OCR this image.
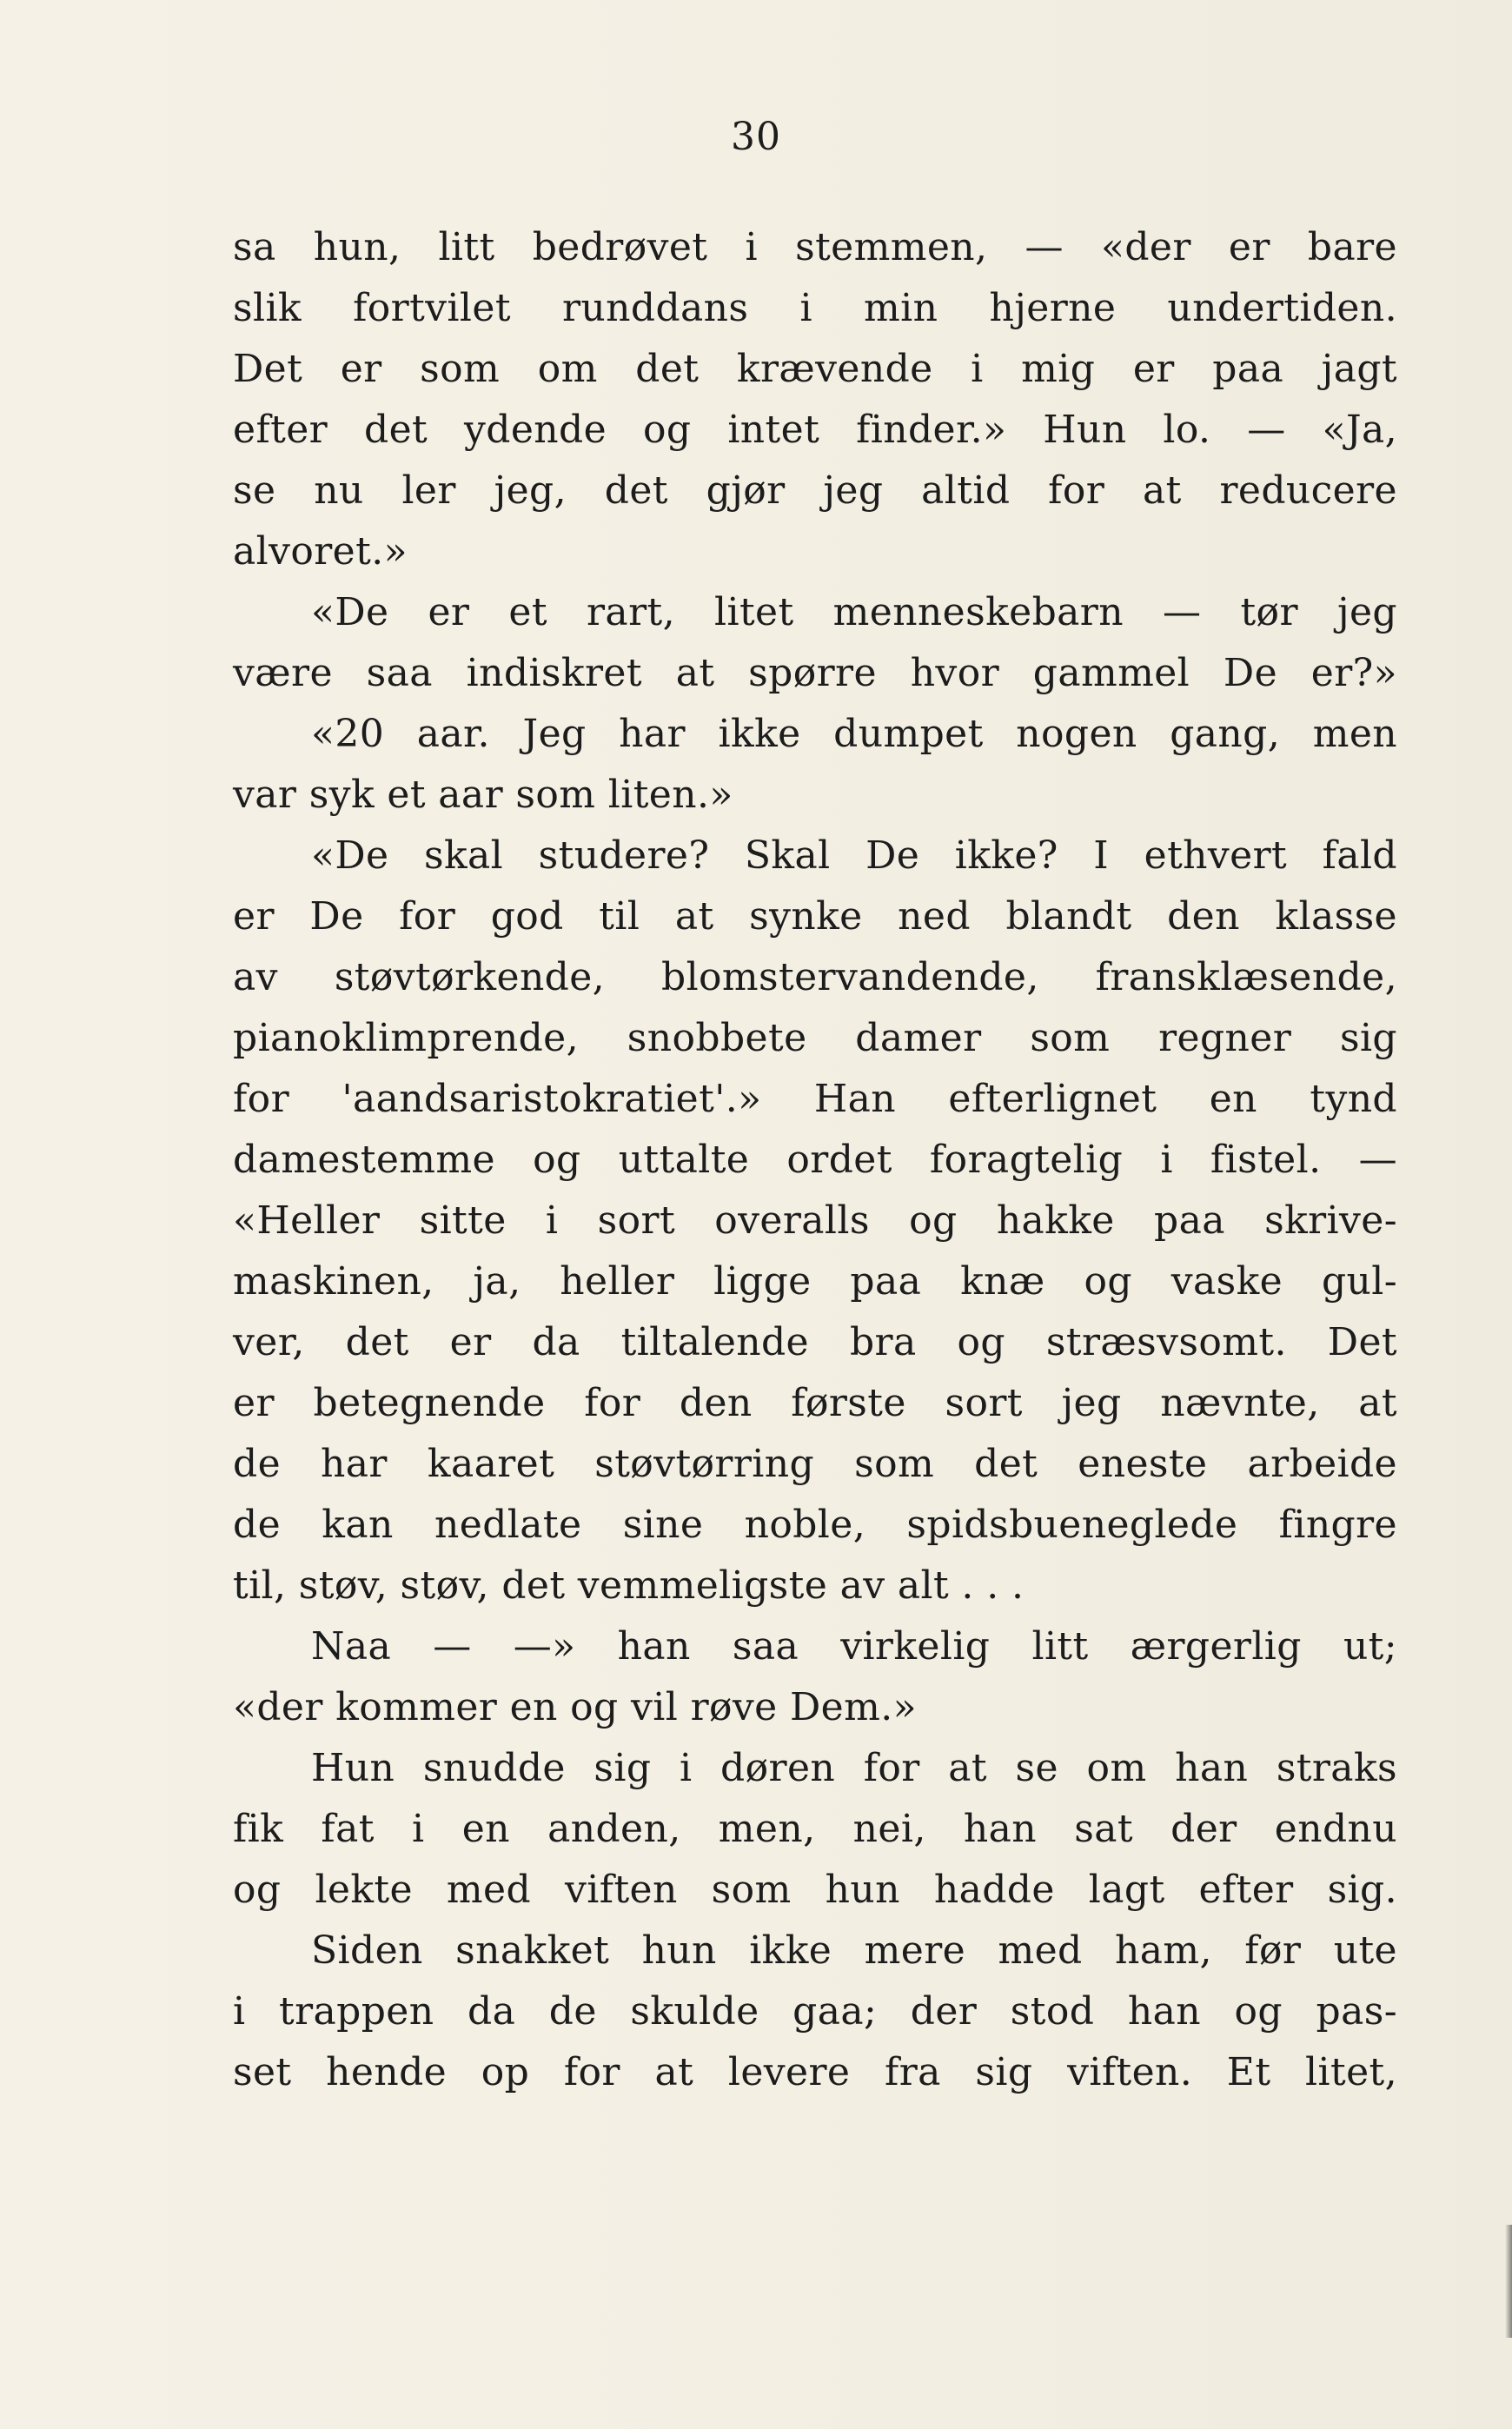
30
sa hun, litt bedrøvet i stemmen, — «der er bare
slik fortvilet runddans i min hjerne undertiden.
Det er som om det krævende i mig er paa jagt
efter det ydende og intet finder.» Hun lo. — «Ja,
se nu ler jeg, det gjør jeg altid for at reducere
alvoret.»
«De er et rart, litet menneskebarn — tør jeg
være saa indiskret at spørre hvor gammel De er?»
«20 aar. Jeg har ikke dumpet nogen gang, men
var syk et aar som liten.»
«De skal studere? Skal De ikke? I ethvert fald
er De for god til at synke ned blandt den klasse
av støvtørkende, blomstervandende, fransklæsende,
pianoklimprende, snobbete damer som regner sig
for 'aandsaristokratiet'.» Han efterlignet en tynd
damestemme og uttalte ordet foragtelig i fistel. —
«Heller sitte i sort overalls og hakke paa skrive-
maskinen, ja, heller ligge paa knæ og vaske gul-
ver, det er da tiltalende bra og stræsvsomt. Det
er betegnende for den første sort jeg nævnte, at
de har kaaret støvtørring som det eneste arbeide
de kan nedlate sine noble, spidsbueneglede fingre
til, støv, støv, det vemmeligste av alt . . .
Naa — —» han saa virkelig litt ærgerlig ut;
«der kommer en og vil røve Dem.»
Hun snudde sig i døren for at se om han straks
fik fat i en anden, men, nei, han sat der endnu
og lekte med viften som hun hadde lagt efter sig.
Siden snakket hun ikke mere med ham, før ute
i trappen da de skulde gaa; der stod han og pas-
set hende op for at levere fra sig viften. Et litet,
